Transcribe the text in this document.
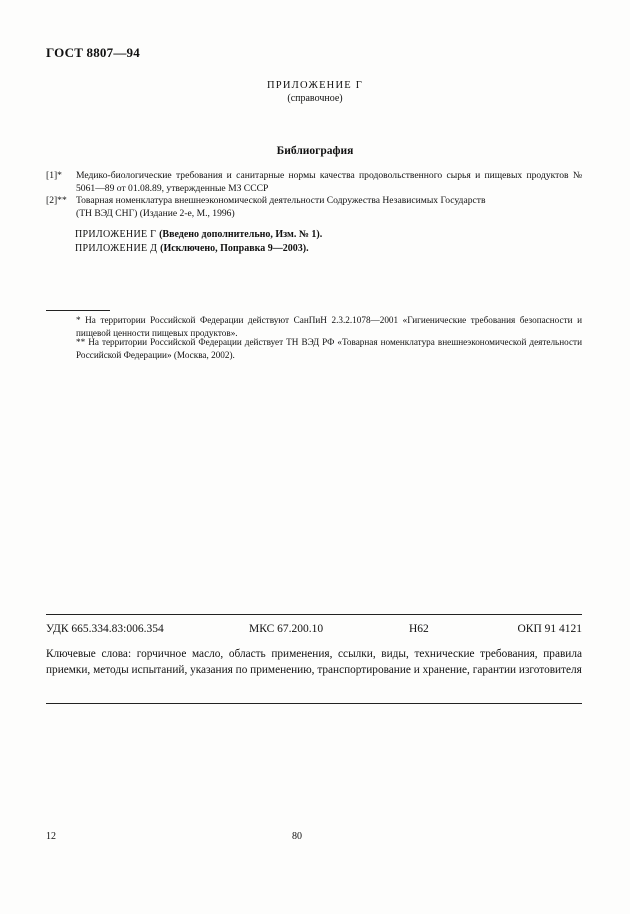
ГОСТ 8807—94
ПРИЛОЖЕНИЕ Г
(справочное)
Библиография
[1]* Медико-биологические требования и санитарные нормы качества продовольственного сырья и пищевых продуктов № 5061—89 от 01.08.89, утвержденные МЗ СССР
[2]** Товарная номенклатура внешнеэкономической деятельности Содружества Независимых Государств
(ТН ВЭД СНГ) (Издание 2-е, М., 1996)
ПРИЛОЖЕНИЕ Г (Введено дополнительно, Изм. № 1).
ПРИЛОЖЕНИЕ Д (Исключено, Поправка 9—2003).
* На территории Российской Федерации действуют СанПиН 2.3.2.1078—2001 «Гигиенические требования безопасности и пищевой ценности пищевых продуктов».
** На территории Российской Федерации действует ТН ВЭД РФ «Товарная номенклатура внешнеэкономической деятельности Российской Федерации» (Москва, 2002).
УДК 665.334.83:006.354	МКС 67.200.10	Н62	ОКП 91 4121
Ключевые слова: горчичное масло, область применения, ссылки, виды, технические требования, правила приемки, методы испытаний, указания по применению, транспортирование и хранение, гарантии изготовителя
12	80
